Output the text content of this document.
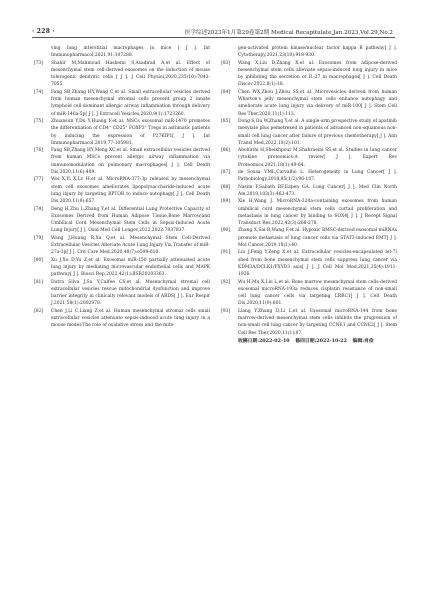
· 228 ·	医学综述2023年1月第29卷第2期 Medical Recapitulate,Jan.2023,Vol.29,No.2
ving lung interstitial macrophages in mice [ J ]. Int Immunopharmacol,2021,91:107288.
[73]	Shahir M,Mahmoud Hashemi S,Asadirad A,et al. Effect of mesenchymal stem cell-derived exosomes on the induction of mouse tolerogenic dendritic cells [ J ]. J Cell Physiol,2020,235(10):7043-7055.
[74]	Fang SB,Zhang HY,Wang C,et al. Small extracellular vesicles derived from human mesenchymal stromal cells prevent group 2 innate lymphoid cell-dominant allergic airway inflammation through delivery of miR-146a-5p[ J ]. J Extracell Vesicles,2020,9(1):1723260.
[75]	Zhuansun Y,Du Y,Huang F,et al. MSCs exosomal miR-1470 promotes the differentiation of CD4⁺ CD25⁺ FOXP3⁺ Tregs in asthmatic patients by inducing the expression of P27KIP1[ J ]. Int Immunopharmacol,2019,77:105981.
[76]	Fang SB,Zhang HY,Meng XC,et al. Small extracellular vesicles derived from human MSCs prevent allergic airway inflammation via immunomodulation on pulmonary macrophages[ J ]. Cell Death Dis,2020,11(6):409.
[77]	Wei X,Yi X,Lv H,et al. MicroRNA-377-3p released by mesenchymal stem cell exosomes ameliorates lipopolysaccharide-induced acute lung injury by targeting RPTOR to induce autophagy[ J ]. Cell Death Dis,2020,11(8):657.
[78]	Deng H,Zhu L,Zhang Y,et al. Differential Lung Protective Capacity of Exosomes Derived from Human Adipose Tissue,Bone Marrow,and Umbilical Cord Mesenchymal Stem Cells in Sepsis-Induced Acute Lung Injury[ J ]. Oxid Med Cell Longev,2022,2022:7837837.
[79]	Wang J,Huang R,Xu Q,et al. Mesenchymal Stem Cell-Derived Extracellular Vesicles Alleviate Acute Lung Injury Via Transfer of miR-27a-3p[ J ]. Crit Care Med,2020,48(7):e599-610.
[80]	Xu J,Xu D,Yu Z,et al. Exosomal miR-150 partially attenuated acute lung injury by mediating microvascular endothelial cells and MAPK pathway[ J ]. Biosci Rep,2022,42(1):BSR20203363.
[81]	Dutra Silva J,Su Y,Calfee CS,et al. Mesenchymal stromal cell extracellular vesicles rescue mitochondrial dysfunction and improve barrier integrity in clinically relevant models of ARDS[ J ]. Eur Respir J,2021,58(1):2002978.
[82]	Chen J,Li C,Liang Z,et al. Human mesenchymal stromal cells small extracellular vesicles attenuate sepsis-induced acute lung injury in a mouse model:The role of oxidative stress and the mito-
gen-activated protein kinase/nuclear factor kappa B pathway[ J ]. Cytotherapy,2021,23(10):918-930.
[83]	Wang X,Liu D,Zhang X,et al. Exosomes from adipose-derived mesenchymal stem cells alleviate sepsis-induced lung injury in mice by inhibiting the secretion of IL-27 in macrophages[ J ]. Cell Death Discov,2022,8(1):18.
[84]	Chen WX,Zhou J,Zhou SS,et al. Microvesicles derived from human Wharton's jelly mesenchymal stem cells enhance autophagy and ameliorate acute lung injury via delivery of miR-100[ J ]. Stem Cell Res Ther,2020,11(1):113.
[85]	Dong S,Ou W,Zhang Y,et al. A single-arm,prospective study of apatinib mesylate plus pemetrexed in patients of advanced non-squamous non-small cell lung cancer after failure of previous chemotherapy[ J ]. Ann Transl Med,2022,10(2):101.
[86]	Abolfathi H,Sheikhpour M,Shahraeini SS,et al. Studies in lung cancer cytokine proteomics:A review[ J ]. Expert Rev Proteomics,2021,18(1):49-64.
[87]	de Sousa VML,Carvalho L. Heterogeneity in Lung Cancer[ J ]. Pathobiology,2018,85(1/2):96-107.
[88]	Nasim F,Sabath BF,Eapen GA. Lung Cancer[ J ]. Med Clin North Am,2019,103(3):463-473.
[89]	Xie H,Wang J. MicroRNA-320a-containing exosomes from human umbilical cord mesenchymal stem cells curtail proliferation and metastasis in lung cancer by binding to SOX4[ J ]. J Recept Signal Transduct Res,2022,42(3):268-278.
[90]	Zhang X,Sai B,Wang F,et al. Hypoxic BMSC-derived exosomal miRNAs promote metastasis of lung cancer cells via STAT3-induced EMT[ J ]. Mol Cancer,2019,18(1):40.
[91]	Liu J,Feng Y,Zeng X,et al. Extracellular vesicles-encapsulated let-7i shed from bone mesenchymal stem cells suppress lung cancer via KDM3A/DCLK1/FXYD3 axis[ J ]. J Cell Mol Med,2021,25(4):1911-1926.
[92]	Wu H,Mu X,Liu L,et al. Bone marrow mesenchymal stem cells-derived exosomal microRNA-193a reduces cisplatin resistance of non-small cell lung cancer cells via targeting LRRC1[ J ]. Cell Death Dis,2020,11(9):801.
[93]	Liang Y,Zhang D,Li L,et al. Exosomal microRNA-144 from bone marrow-derived mesenchymal stem cells inhibits the progression of non-small cell lung cancer by targeting CCNE1 and CCNE2[ J ]. Stem Cell Res Ther,2020,11(1):87.
收稿日期:2022-02-10 修回日期:2022-10-22 编辑:肖俭
